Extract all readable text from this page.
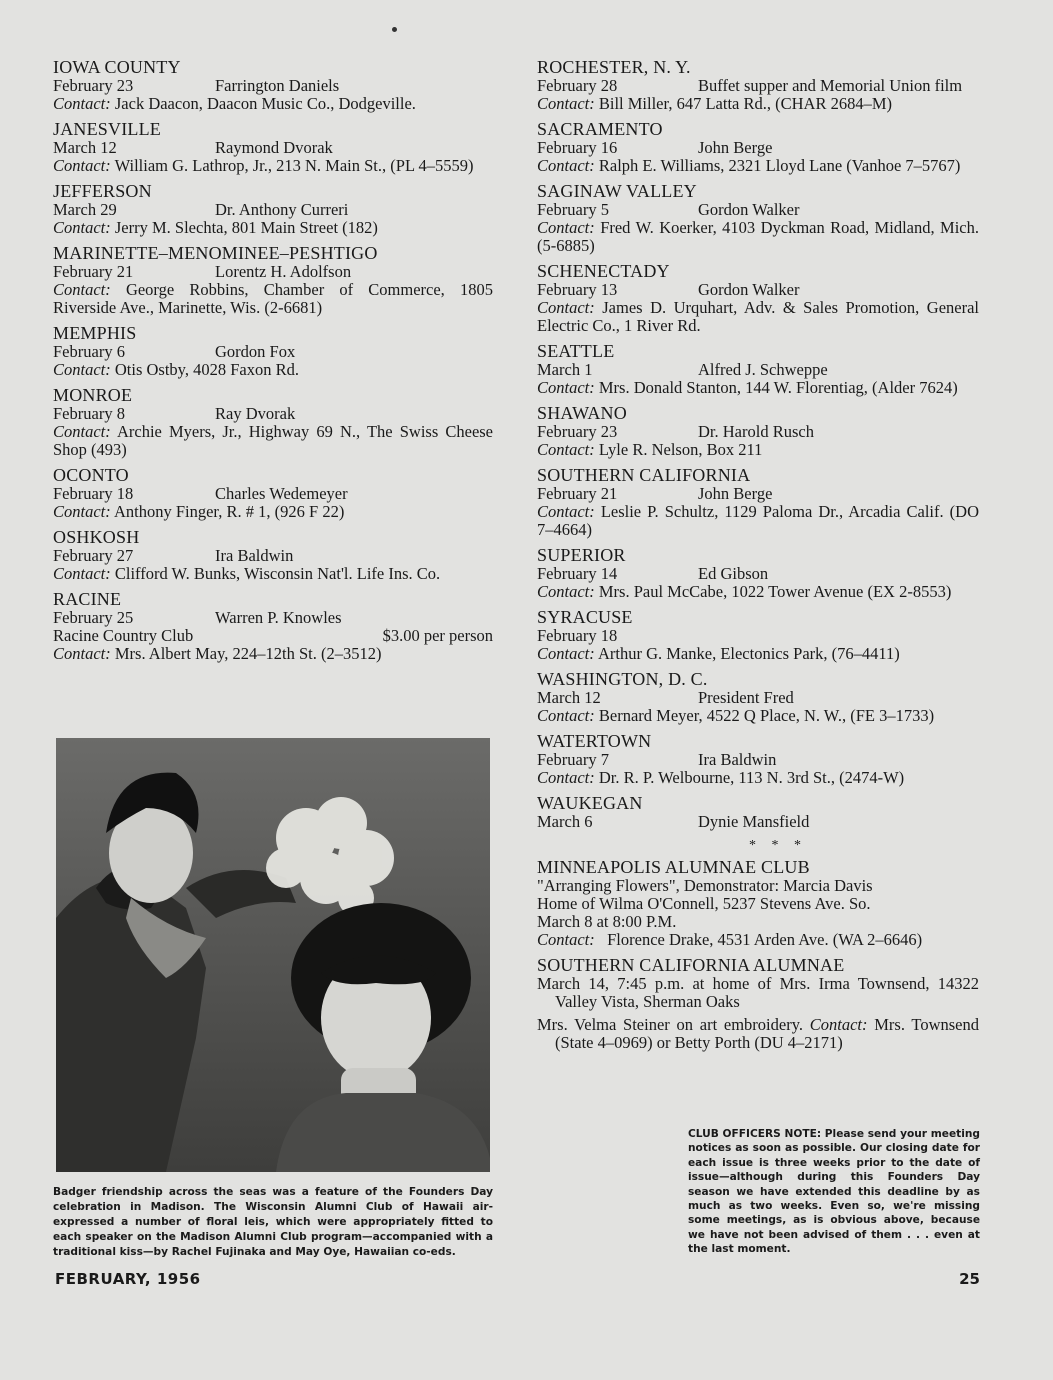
IOWA COUNTY
February 23	Farrington Daniels
Contact: Jack Daacon, Daacon Music Co., Dodgeville.
JANESVILLE
March 12	Raymond Dvorak
Contact: William G. Lathrop, Jr., 213 N. Main St., (PL 4–5559)
JEFFERSON
March 29	Dr. Anthony Curreri
Contact: Jerry M. Slechta, 801 Main Street (182)
MARINETTE–MENOMINEE–PESHTIGO
February 21	Lorentz H. Adolfson
Contact: George Robbins, Chamber of Commerce, 1805 Riverside Ave., Marinette, Wis. (2-6681)
MEMPHIS
February 6	Gordon Fox
Contact: Otis Ostby, 4028 Faxon Rd.
MONROE
February 8	Ray Dvorak
Contact: Archie Myers, Jr., Highway 69 N., The Swiss Cheese Shop (493)
OCONTO
February 18	Charles Wedemeyer
Contact: Anthony Finger, R. # 1, (926 F 22)
OSHKOSH
February 27	Ira Baldwin
Contact: Clifford W. Bunks, Wisconsin Nat'l. Life Ins. Co.
RACINE
February 25	Warren P. Knowles
Racine Country Club	$3.00 per person
Contact: Mrs. Albert May, 224–12th St. (2–3512)
ROCHESTER, N. Y.
February 28	Buffet supper and Memorial Union film
Contact: Bill Miller, 647 Latta Rd., (CHAR 2684–M)
SACRAMENTO
February 16	John Berge
Contact: Ralph E. Williams, 2321 Lloyd Lane (Vanhoe 7–5767)
SAGINAW VALLEY
February 5	Gordon Walker
Contact: Fred W. Koerker, 4103 Dyckman Road, Midland, Mich. (5-6885)
SCHENECTADY
February 13	Gordon Walker
Contact: James D. Urquhart, Adv. & Sales Promotion, General Electric Co., 1 River Rd.
SEATTLE
March 1	Alfred J. Schweppe
Contact: Mrs. Donald Stanton, 144 W. Florentiag, (Alder 7624)
SHAWANO
February 23	Dr. Harold Rusch
Contact: Lyle R. Nelson, Box 211
SOUTHERN CALIFORNIA
February 21	John Berge
Contact: Leslie P. Schultz, 1129 Paloma Dr., Arcadia Calif. (DO 7–4664)
SUPERIOR
February 14	Ed Gibson
Contact: Mrs. Paul McCabe, 1022 Tower Avenue (EX 2-8553)
SYRACUSE
February 18
Contact: Arthur G. Manke, Electonics Park, (76–4411)
WASHINGTON, D. C.
March 12	President Fred
Contact: Bernard Meyer, 4522 Q Place, N. W., (FE 3–1733)
WATERTOWN
February 7	Ira Baldwin
Contact: Dr. R. P. Welbourne, 113 N. 3rd St., (2474-W)
WAUKEGAN
March 6	Dynie Mansfield
* * *
MINNEAPOLIS ALUMNAE CLUB
"Arranging Flowers", Demonstrator: Marcia Davis
Home of Wilma O'Connell, 5237 Stevens Ave. So.
March 8 at 8:00 P.M.
Contact: Florence Drake, 4531 Arden Ave. (WA 2–6646)
SOUTHERN CALIFORNIA ALUMNAE
March 14, 7:45 p.m. at home of Mrs. Irma Townsend, 14322 Valley Vista, Sherman Oaks
Mrs. Velma Steiner on art embroidery. Contact: Mrs. Townsend (State 4–0969) or Betty Porth (DU 4–2171)
Badger friendship across the seas was a feature of the Founders Day celebration in Madison. The Wisconsin Alumni Club of Hawaii air-expressed a number of floral leis, which were appropriately fitted to each speaker on the Madison Alumni Club program—accompanied with a traditional kiss—by Rachel Fujinaka and May Oye, Hawaiian co-eds.
CLUB OFFICERS NOTE: Please send your meeting notices as soon as possible. Our closing date for each issue is three weeks prior to the date of issue—although during this Founders Day season we have extended this deadline by as much as two weeks. Even so, we're missing some meetings, as is obvious above, because we have not been advised of them . . . even at the last moment.
FEBRUARY, 1956	25
